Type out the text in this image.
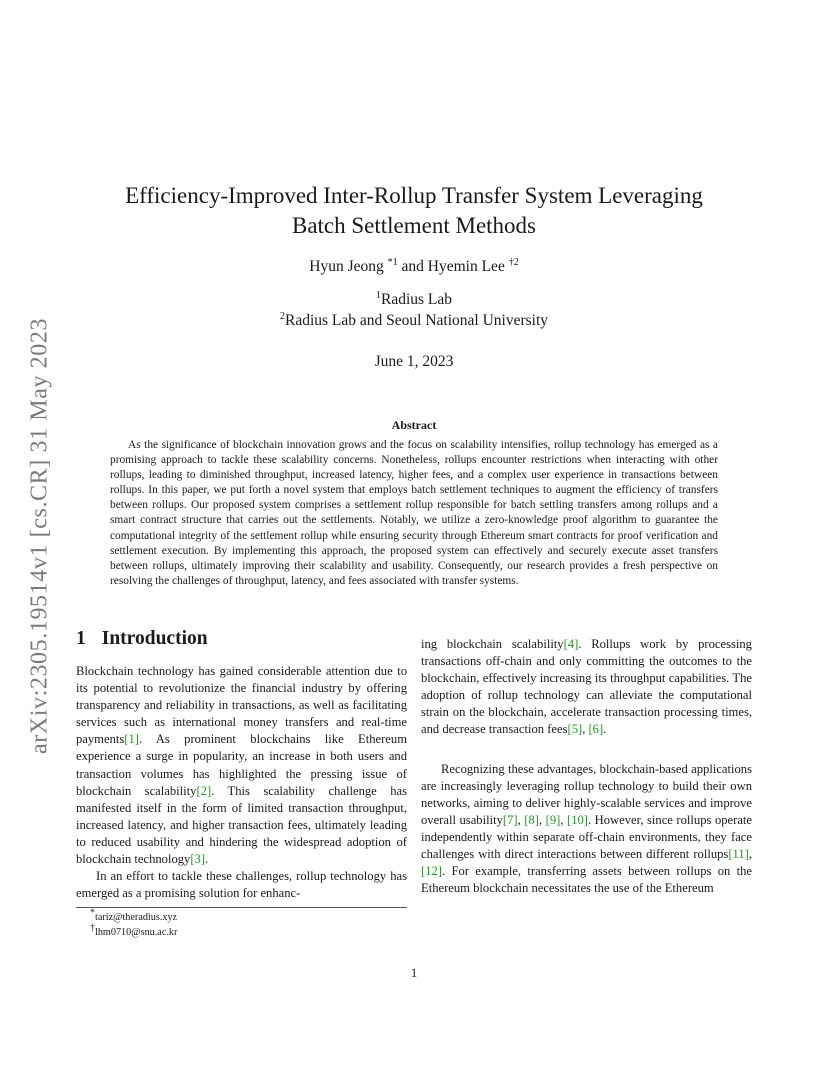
arXiv:2305.19514v1 [cs.CR] 31 May 2023
Efficiency-Improved Inter-Rollup Transfer System Leveraging
Batch Settlement Methods
Hyun Jeong $^{*1}$ and Hyemin Lee $^{\dagger 2}$
$^1$Radius Lab
$^2$Radius Lab and Seoul National University
June 1, 2023
Abstract
As the significance of blockchain innovation grows and the focus on scalability intensifies, rollup technology has emerged as a promising approach to tackle these scalability concerns. Nonetheless, rollups encounter restrictions when interacting with other rollups, leading to diminished throughput, increased latency, higher fees, and a complex user experience in transactions between rollups. In this paper, we put forth a novel system that employs batch settlement techniques to augment the efficiency of transfers between rollups. Our proposed system comprises a settlement rollup responsible for batch settling transfers among rollups and a smart contract structure that carries out the settlements. Notably, we utilize a zero-knowledge proof algorithm to guarantee the computational integrity of the settlement rollup while ensuring security through Ethereum smart contracts for proof verification and settlement execution. By implementing this approach, the proposed system can effectively and securely execute asset transfers between rollups, ultimately improving their scalability and usability. Consequently, our research provides a fresh perspective on resolving the challenges of throughput, latency, and fees associated with transfer systems.
1 Introduction

Blockchain technology has gained considerable attention due to its potential to revolutionize the financial industry by offering transparency and reliability in transactions, as well as facilitating services such as international money transfers and real-time payments[1]. As prominent blockchains like Ethereum experience a surge in popularity, an increase in both users and transaction volumes has highlighted the pressing issue of blockchain scalability[2]. This scalability challenge has manifested itself in the form of limited transaction throughput, increased latency, and higher transaction fees, ultimately leading to reduced usability and hindering the widespread adoption of blockchain technology[3].

In an effort to tackle these challenges, rollup technology has emerged as a promising solution for enhanc-

ing blockchain scalability[4]. Rollups work by processing transactions off-chain and only committing the outcomes to the blockchain, effectively increasing its throughput capabilities. The adoption of rollup technology can alleviate the computational strain on the blockchain, accelerate transaction processing times, and decrease transaction fees[5], [6].

Recognizing these advantages, blockchain-based applications are increasingly leveraging rollup technology to build their own networks, aiming to deliver highly-scalable services and improve overall usability[7], [8], [9], [10]. However, since rollups operate independently within separate off-chain environments, they face challenges with direct interactions between different rollups[11], [12]. For example, transferring assets between rollups on the Ethereum blockchain necessitates the use of the Ethereum

*tariz@theradius.xyz
†lhm0710@snu.ac.kr
1
